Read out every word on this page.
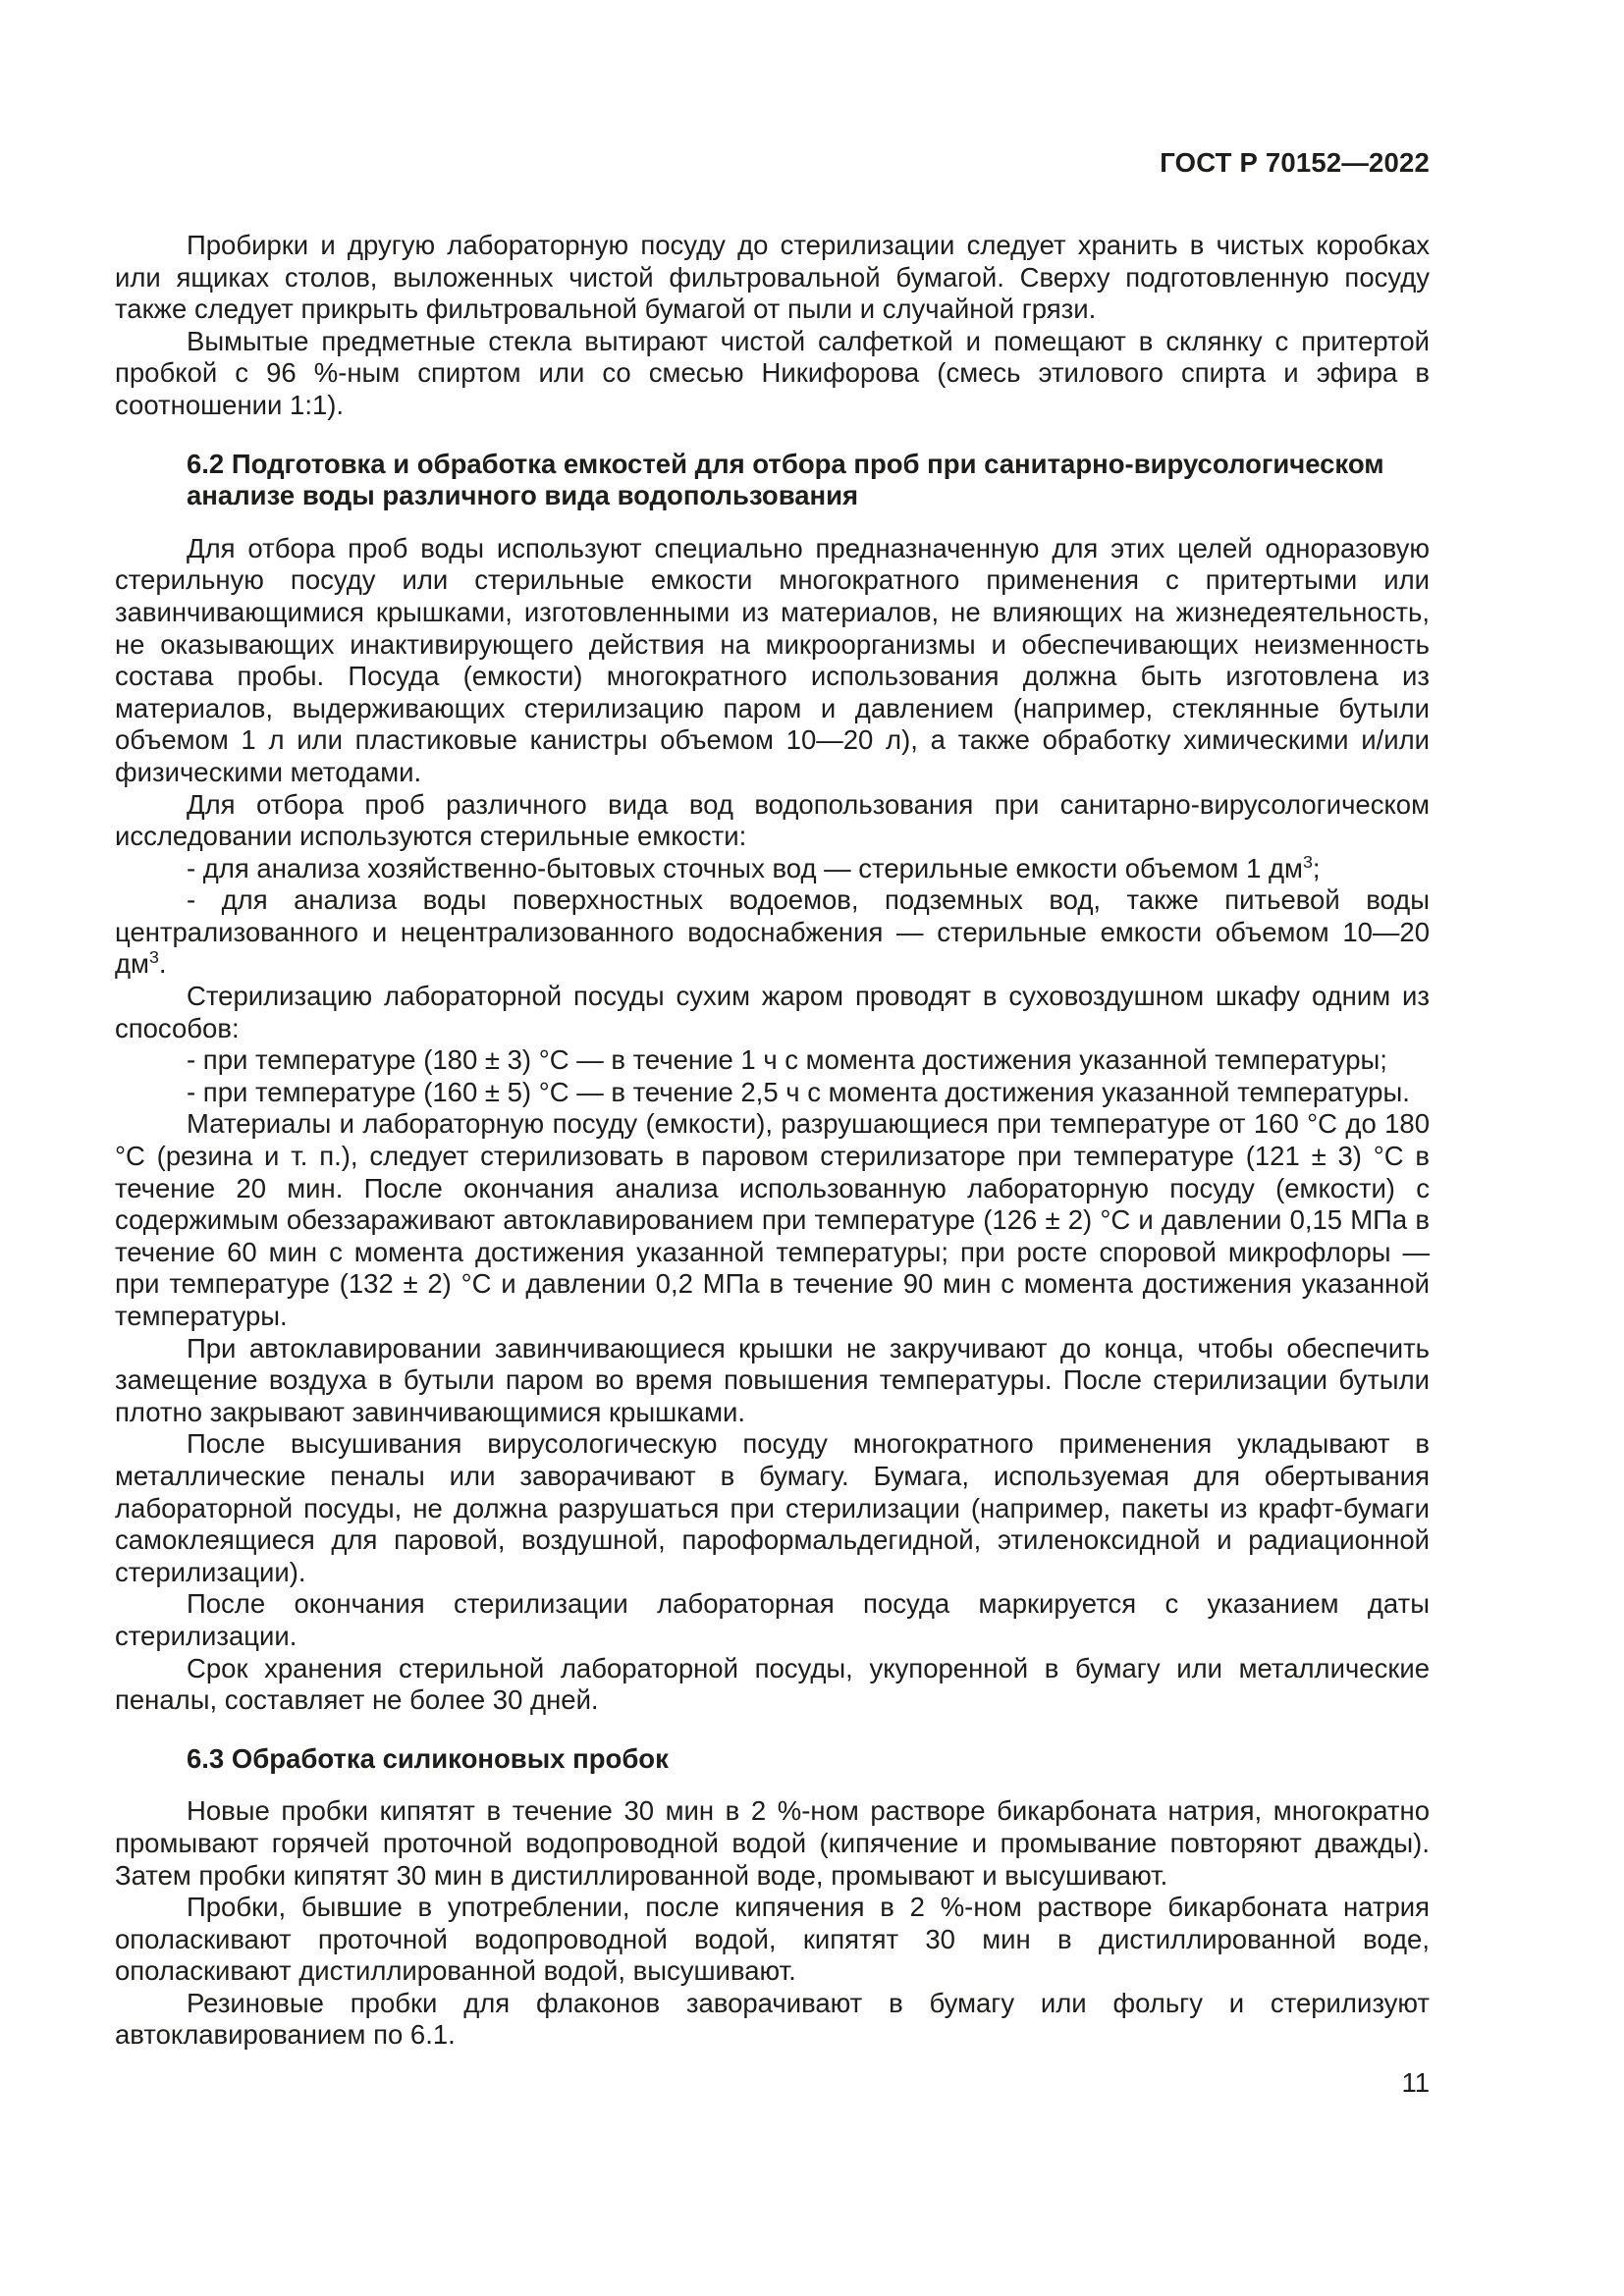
ГОСТ Р 70152—2022

Пробирки и другую лабораторную посуду до стерилизации следует хранить в чистых коробках или ящиках столов, выложенных чистой фильтровальной бумагой. Сверху подготовленную посуду также следует прикрыть фильтровальной бумагой от пыли и случайной грязи.

Вымытые предметные стекла вытирают чистой салфеткой и помещают в склянку с притертой пробкой с 96 %-ным спиртом или со смесью Никифорова (смесь этилового спирта и эфира в соотношении 1:1).

6.2 Подготовка и обработка емкостей для отбора проб при санитарно-вирусологическом анализе воды различного вида водопользования

Для отбора проб воды используют специально предназначенную для этих целей одноразовую стерильную посуду или стерильные емкости многократного применения с притертыми или завинчивающимися крышками, изготовленными из материалов, не влияющих на жизнедеятельность, не оказывающих инактивирующего действия на микроорганизмы и обеспечивающих неизменность состава пробы. Посуда (емкости) многократного использования должна быть изготовлена из материалов, выдерживающих стерилизацию паром и давлением (например, стеклянные бутыли объемом 1 л или пластиковые канистры объемом 10—20 л), а также обработку химическими и/или физическими методами.

Для отбора проб различного вида вод водопользования при санитарно-вирусологическом исследовании используются стерильные емкости:

- для анализа хозяйственно-бытовых сточных вод — стерильные емкости объемом 1 $дм^3$;

- для анализа воды поверхностных водоемов, подземных вод, также питьевой воды централизованного и нецентрализованного водоснабжения — стерильные емкости объемом 10—20 $дм^3$.

Стерилизацию лабораторной посуды сухим жаром проводят в суховоздушном шкафу одним из способов:

- при температуре (180 ± 3) °С — в течение 1 ч с момента достижения указанной температуры;

- при температуре (160 ± 5) °С — в течение 2,5 ч с момента достижения указанной температуры.

Материалы и лабораторную посуду (емкости), разрушающиеся при температуре от 160 °С до 180 °С (резина и т. п.), следует стерилизовать в паровом стерилизаторе при температуре (121 ± 3) °С в течение 20 мин. После окончания анализа использованную лабораторную посуду (емкости) с содержимым обеззараживают автоклавированием при температуре (126 ± 2) °С и давлении 0,15 МПа в течение 60 мин с момента достижения указанной температуры; при росте споровой микрофлоры — при температуре (132 ± 2) °С и давлении 0,2 МПа в течение 90 мин с момента достижения указанной температуры.

При автоклавировании завинчивающиеся крышки не закручивают до конца, чтобы обеспечить замещение воздуха в бутыли паром во время повышения температуры. После стерилизации бутыли плотно закрывают завинчивающимися крышками.

После высушивания вирусологическую посуду многократного применения укладывают в металлические пеналы или заворачивают в бумагу. Бумага, используемая для обертывания лабораторной посуды, не должна разрушаться при стерилизации (например, пакеты из крафт-бумаги самоклеящиеся для паровой, воздушной, пароформальдегидной, этиленоксидной и радиационной стерилизации).

После окончания стерилизации лабораторная посуда маркируется с указанием даты стерилизации.

Срок хранения стерильной лабораторной посуды, укупоренной в бумагу или металлические пеналы, составляет не более 30 дней.

6.3 Обработка силиконовых пробок

Новые пробки кипятят в течение 30 мин в 2 %-ном растворе бикарбоната натрия, многократно промывают горячей проточной водопроводной водой (кипячение и промывание повторяют дважды). Затем пробки кипятят 30 мин в дистиллированной воде, промывают и высушивают.

Пробки, бывшие в употреблении, после кипячения в 2 %-ном растворе бикарбоната натрия ополаскивают проточной водопроводной водой, кипятят 30 мин в дистиллированной воде, ополаскивают дистиллированной водой, высушивают.

Резиновые пробки для флаконов заворачивают в бумагу или фольгу и стерилизуют автоклавированием по 6.1.

11
